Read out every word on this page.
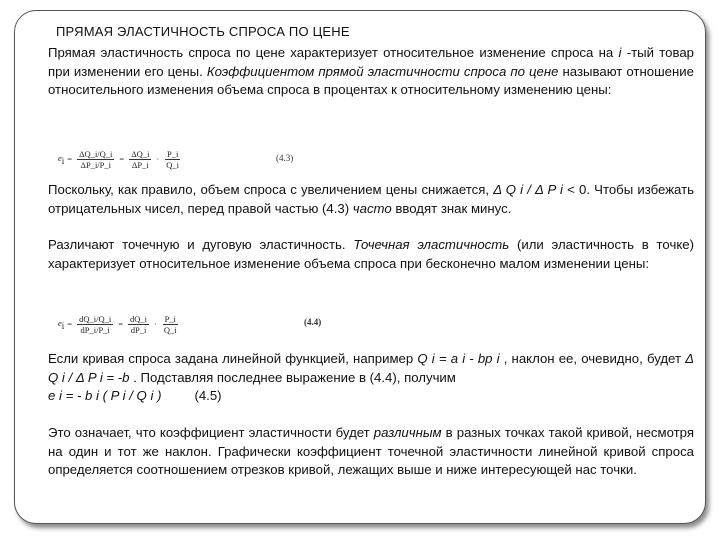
ПРЯМАЯ ЭЛАСТИЧНОСТЬ СПРОСА ПО ЦЕНЕ
Прямая эластичность спроса по цене характеризует относительное изменение спроса на i -тый товар при изменении его цены. Коэффициентом прямой эластичности спроса по цене называют отношение относительного изменения объема спроса в процентах к относительному изменению цены:
ei = $\frac{\Delta Q\_i/Q\_i}{\Delta P\_i/P\_i} = \frac{\Delta Q\_i}{\Delta P\_i} \cdot \frac{P\_i}{Q\_i}$	(4.3)
Поскольку, как правило, объем спроса с увеличением цены снижается, Δ Q i / Δ P i < 0. Чтобы избежать отрицательных чисел, перед правой частью (4.3) часто вводят знак минус.
Различают точечную и дуговую эластичность. Точечная эластичность (или эластичность в точке) характеризует относительное изменение объема спроса при бесконечно малом изменении цены:
ei = $\frac{dQ\_i/Q\_i}{dP\_i/P\_i} = \frac{dQ\_i}{dP\_i} \cdot \frac{P\_i}{Q\_i}$	(4.4)
Если кривая спроса задана линейной функцией, например Q i = a i - bp i , наклон ее, очевидно, будет Δ Q i / Δ P i = -b . Подставляя последнее выражение в (4.4), получим
e i = - b i ( P i / Q i ) (4.5)
Это означает, что коэффициент эластичности будет различным в разных точках такой кривой, несмотря на один и тот же наклон. Графически коэффициент точечной эластичности линейной кривой спроса определяется соотношением отрезков кривой, лежащих выше и ниже интересующей нас точки.
